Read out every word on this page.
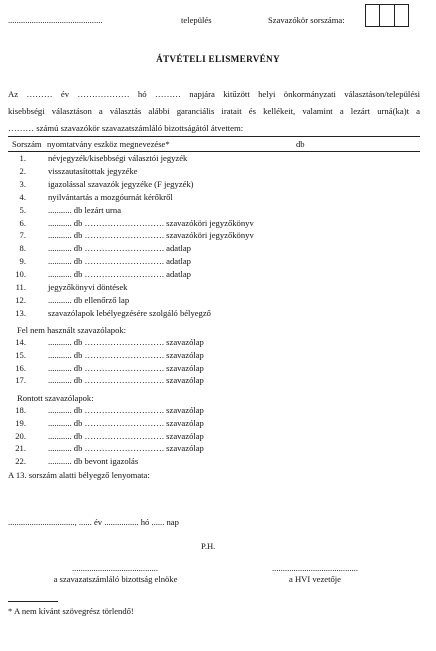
............................................	település	Szavazókör sorszáma:
ÁTVÉTELI ELISMERVÉNY
Az ……… év ……………… hó ……… napjára kitűzött helyi önkormányzati választáson/települési
kisebbségi választáson a választás alábbi garanciális iratait és kellékeit, valamint a lezárt urná(ka)t a
……… számú szavazókör szavazatszámláló bizottságától átvettem:
Sorszám nyomtatvány eszköz megnevezése*	db
1.	névjegyzék/kisebbségi választói jegyzék
2.	visszautasítottak jegyzéke
3.	igazolással szavazók jegyzéke (F jegyzék)
4.	nyilvántartás a mozgóurnát kérőkről
5.	........... db lezárt urna
6.	........... db ………………………. szavazóköri jegyzőkönyv
7.	........... db ………………………. szavazóköri jegyzőkönyv
8.	........... db ………………………. adatlap
9.	........... db ………………………. adatlap
10.	........... db ………………………. adatlap
11.	jegyzőkönyvi döntések
12.	........... db ellenőrző lap
13.	szavazólapok lebélyegzésére szolgáló bélyegző
Fel nem használt szavazólapok:
14.	........... db ………………………. szavazólap
15.	........... db ………………………. szavazólap
16.	........... db ………………………. szavazólap
17.	........... db ………………………. szavazólap
Rontott szavazólapok:
18.	........... db ………………………. szavazólap
19.	........... db ………………………. szavazólap
20.	........... db ………………………. szavazólap
21.	........... db ………………………. szavazólap
22.	........... db bevont igazolás
A 13. sorszám alatti bélyegző lenyomata:
..............................., ...... év ................ hó ...... nap
P.H.
........................................
a szavazatszámláló bizottság elnöke
........................................
a HVI vezetője
* A nem kívánt szövegrész törlendő!
